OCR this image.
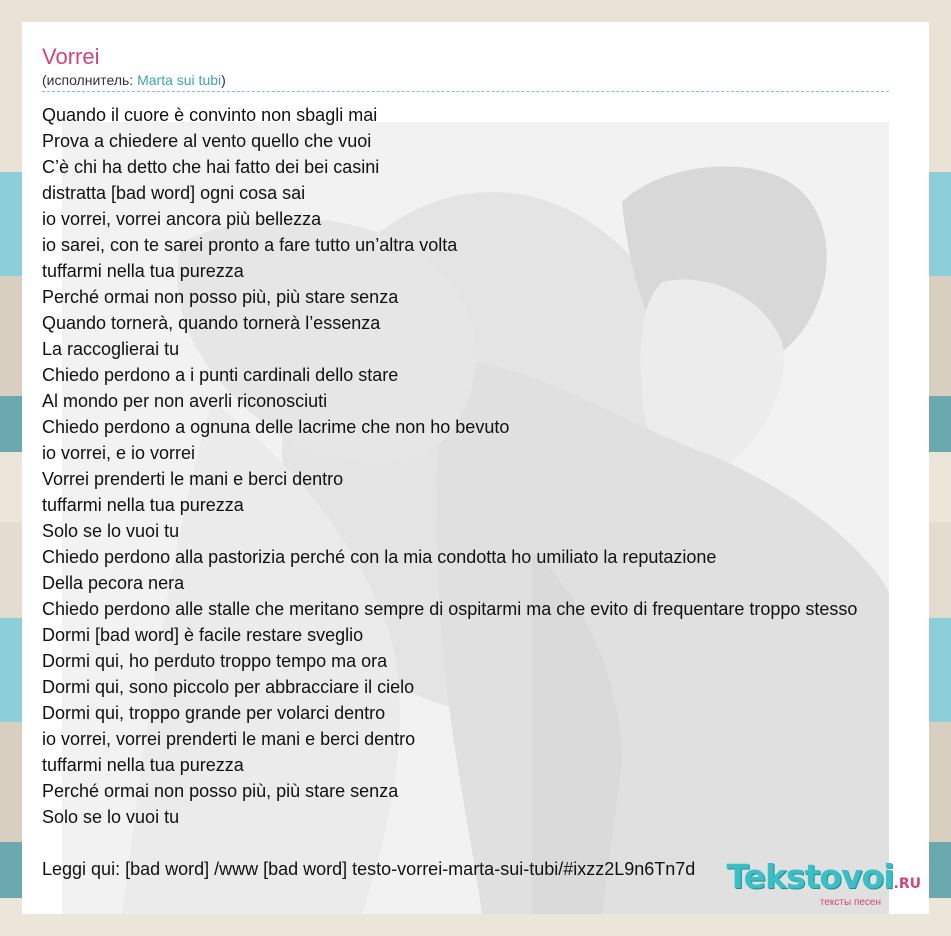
Vorrei
(исполнитель: Marta sui tubi)
Quando il cuore è convinto non sbagli mai
Prova a chiedere al vento quello che vuoi
C’è chi ha detto che hai fatto dei bei casini
distratta [bad word] ogni cosa sai
io vorrei, vorrei ancora più bellezza
io sarei, con te sarei pronto a fare tutto un’altra volta
tuffarmi nella tua purezza
Perché ormai non posso più, più stare senza
Quando tornerà, quando tornerà l’essenza
La raccoglierai tu
Chiedo perdono a i punti cardinali dello stare
Al mondo per non averli riconosciuti
Chiedo perdono a ognuna delle lacrime che non ho bevuto
io vorrei, e io vorrei
Vorrei prenderti le mani e berci dentro
tuffarmi nella tua purezza
Solo se lo vuoi tu
Chiedo perdono alla pastorizia perché con la mia condotta ho umiliato la reputazione
Della pecora nera
Chiedo perdono alle stalle che meritano sempre di ospitarmi ma che evito di frequentare troppo stesso
Dormi [bad word] è facile restare sveglio
Dormi qui, ho perduto troppo tempo ma ora
Dormi qui, sono piccolo per abbracciare il cielo
Dormi qui, troppo grande per volarci dentro
io vorrei, vorrei prenderti le mani e berci dentro
tuffarmi nella tua purezza
Perché ormai non posso più, più stare senza
Solo se lo vuoi tu
Leggi qui: [bad word] /www [bad word] testo-vorrei-marta-sui-tubi/#ixzz2L9n6Tn7d Tekstovoi.RU
тексты песен
